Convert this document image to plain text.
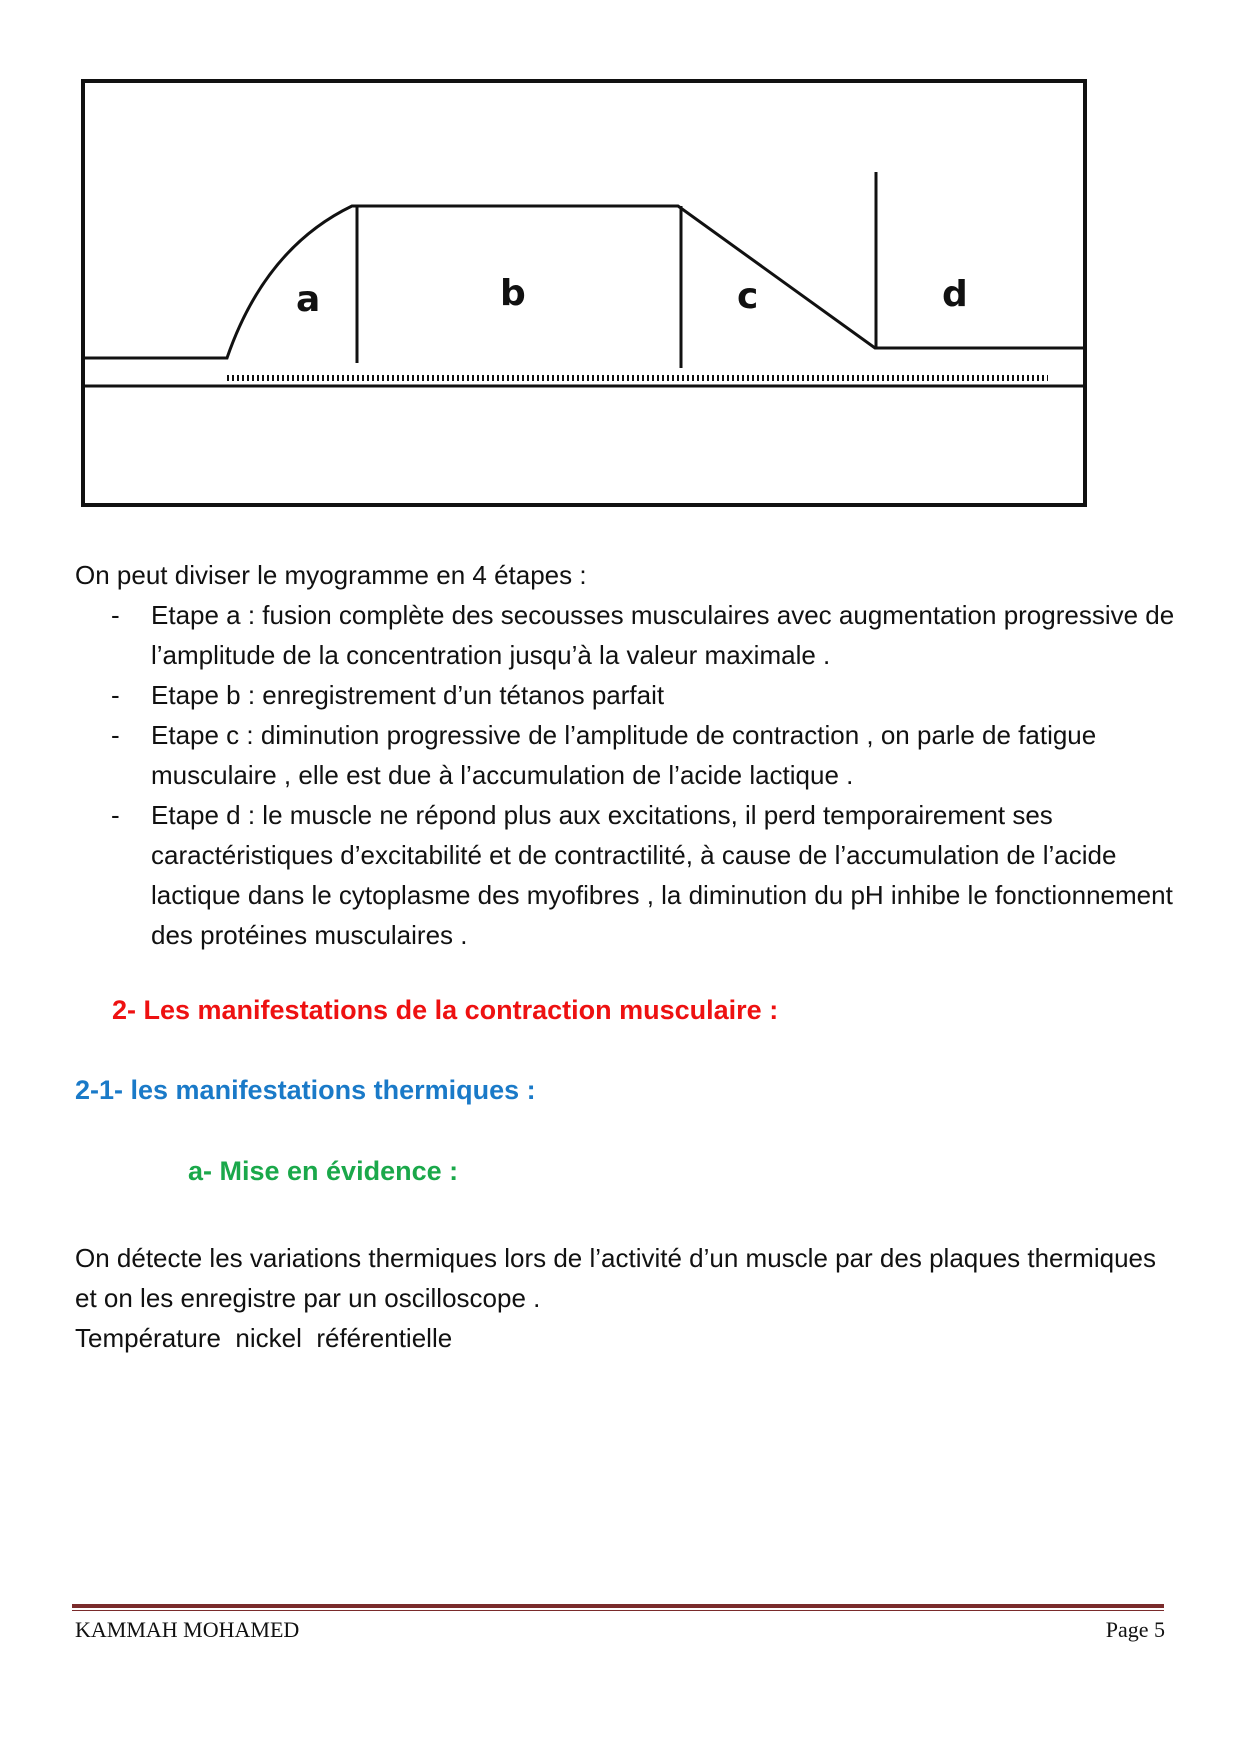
a	b	c	d
On peut diviser le myogramme en 4 étapes :
- Etape a : fusion complète des secousses musculaires avec augmentation progressive de l’amplitude de la concentration jusqu’à la valeur maximale .
- Etape b : enregistrement d’un tétanos parfait
- Etape c : diminution progressive de l’amplitude de contraction , on parle de fatigue musculaire , elle est due à l’accumulation de l’acide lactique .
- Etape d : le muscle ne répond plus aux excitations, il perd temporairement ses caractéristiques d’excitabilité et de contractilité, à cause de l’accumulation de l’acide lactique dans le cytoplasme des myofibres , la diminution du pH inhibe le fonctionnement des protéines musculaires .
2- Les manifestations de la contraction musculaire :
2-1- les manifestations thermiques :
a- Mise en évidence :

On détecte les variations thermiques lors de l’activité d’un muscle par des plaques thermiques et on les enregistre par un oscilloscope .

Température  nickel  référentielle

KAMMAH MOHAMED	Page 5
